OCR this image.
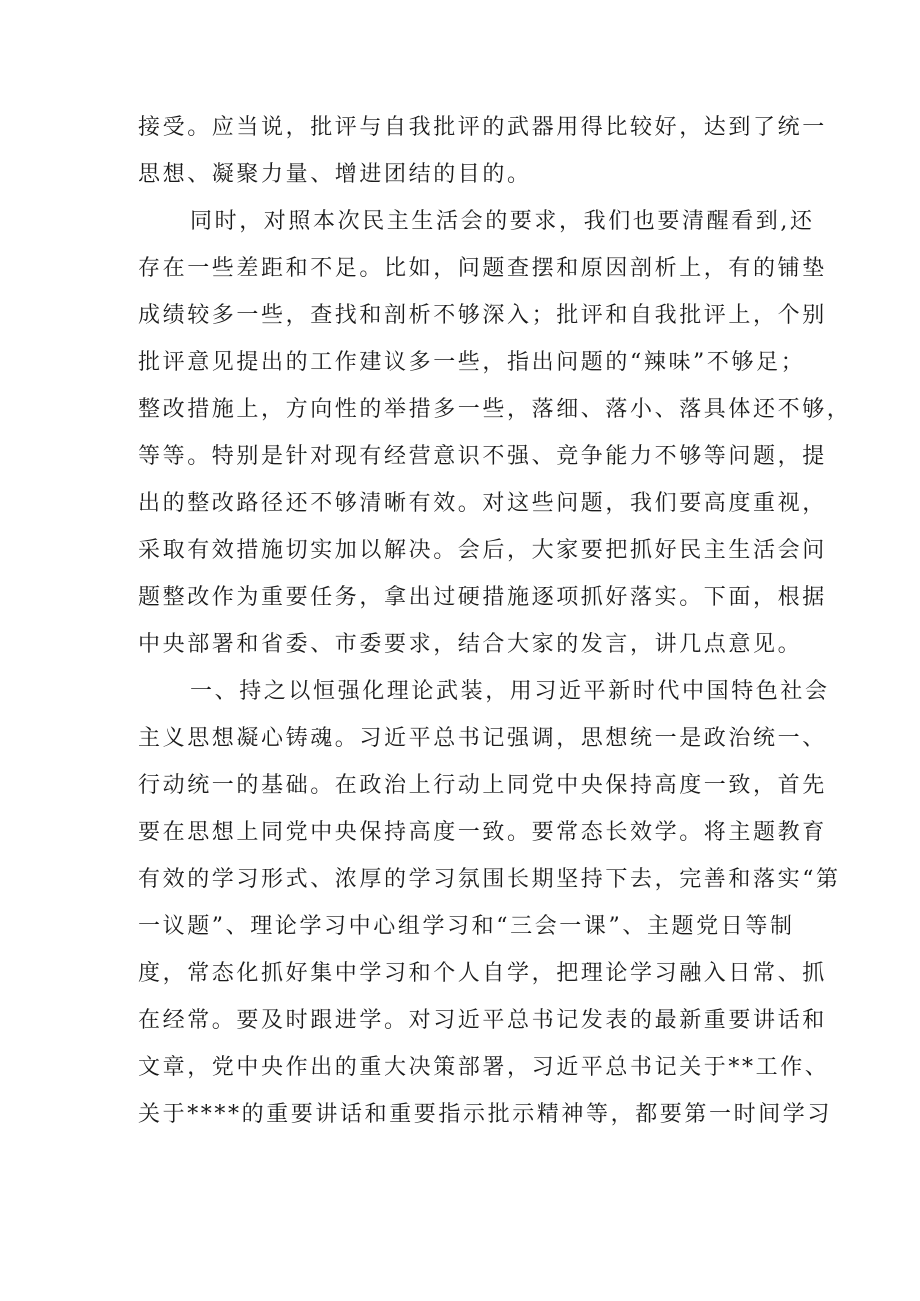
接受。应当说，批评与自我批评的武器用得比较好，达到了统一
思想、凝聚力量、增进团结的目的。
同时，对照本次民主生活会的要求，我们也要清醒看到,还
存在一些差距和不足。比如，问题查摆和原因剖析上，有的铺垫
成绩较多一些，查找和剖析不够深入；批评和自我批评上，个别
批评意见提出的工作建议多一些，指出问题的“辣味”不够足；
整改措施上，方向性的举措多一些，落细、落小、落具体还不够，
等等。特别是针对现有经营意识不强、竞争能力不够等问题，提
出的整改路径还不够清晰有效。对这些问题，我们要高度重视，
采取有效措施切实加以解决。会后，大家要把抓好民主生活会问
题整改作为重要任务，拿出过硬措施逐项抓好落实。下面，根据
中央部署和省委、市委要求，结合大家的发言，讲几点意见。
一、持之以恒强化理论武装，用习近平新时代中国特色社会
主义思想凝心铸魂。习近平总书记强调，思想统一是政治统一、
行动统一的基础。在政治上行动上同党中央保持高度一致，首先
要在思想上同党中央保持高度一致。要常态长效学。将主题教育
有效的学习形式、浓厚的学习氛围长期坚持下去，完善和落实“第
一议题”、理论学习中心组学习和“三会一课”、主题党日等制
度，常态化抓好集中学习和个人自学，把理论学习融入日常、抓
在经常。要及时跟进学。对习近平总书记发表的最新重要讲话和
文章，党中央作出的重大决策部署，习近平总书记关于**工作、
关于****的重要讲话和重要指示批示精神等，都要第一时间学习
